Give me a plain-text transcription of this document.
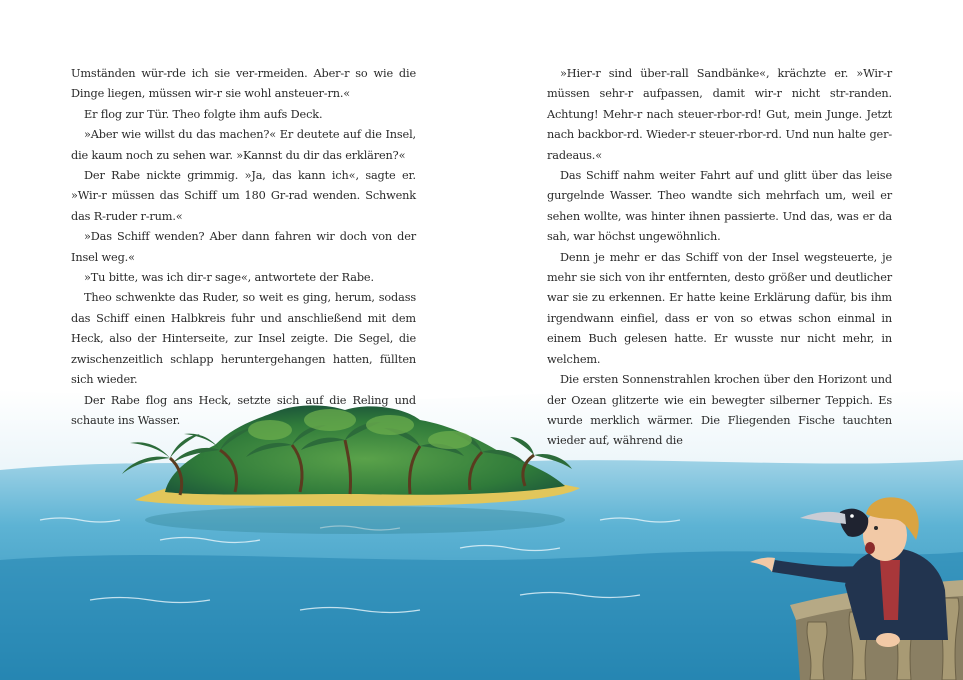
Umständen wür-rde ich sie ver-rmeiden. Aber-r so wie die Dinge liegen, müssen wir-r sie wohl ansteuer-rn.«

Er flog zur Tür. Theo folgte ihm aufs Deck.

»Aber wie willst du das machen?« Er deutete auf die Insel, die kaum noch zu sehen war. »Kannst du dir das erklären?«

Der Rabe nickte grimmig. »Ja, das kann ich«, sagte er. »Wir-r müssen das Schiff um 180 Gr-rad wenden. Schwenk das R-ruder r-rum.«

»Das Schiff wenden? Aber dann fahren wir doch von der Insel weg.«

»Tu bitte, was ich dir-r sage«, antwortete der Rabe.

Theo schwenkte das Ruder, so weit es ging, herum, sodass das Schiff einen Halbkreis fuhr und anschließend mit dem Heck, also der Hinterseite, zur Insel zeigte. Die Segel, die zwischenzeitlich schlapp heruntergehangen hatten, füllten sich wieder.

Der Rabe flog ans Heck, setzte sich auf die Reling und schaute ins Wasser.

»Hier-r sind über-rall Sandbänke«, krächzte er. »Wir-r müssen sehr-r aufpassen, damit wir-r nicht str-randen. Achtung! Mehr-r nach steuer-rbor-rd! Gut, mein Junge. Jetzt nach backbor-rd. Wieder-r steuer-rbor-rd. Und nun halte ger-radeaus.«

Das Schiff nahm weiter Fahrt auf und glitt über das leise gurgelnde Wasser. Theo wandte sich mehrfach um, weil er sehen wollte, was hinter ihnen passierte. Und das, was er da sah, war höchst ungewöhnlich.

Denn je mehr er das Schiff von der Insel wegsteuerte, je mehr sie sich von ihr entfernten, desto größer und deutlicher war sie zu erkennen. Er hatte keine Erklärung dafür, bis ihm irgendwann einfiel, dass er von so etwas schon einmal in einem Buch gelesen hatte. Er wusste nur nicht mehr, in welchem.

Die ersten Sonnenstrahlen krochen über den Horizont und der Ozean glitzerte wie ein bewegter silberner Teppich. Es wurde merklich wärmer. Die Fliegenden Fische tauchten wieder auf, während die
